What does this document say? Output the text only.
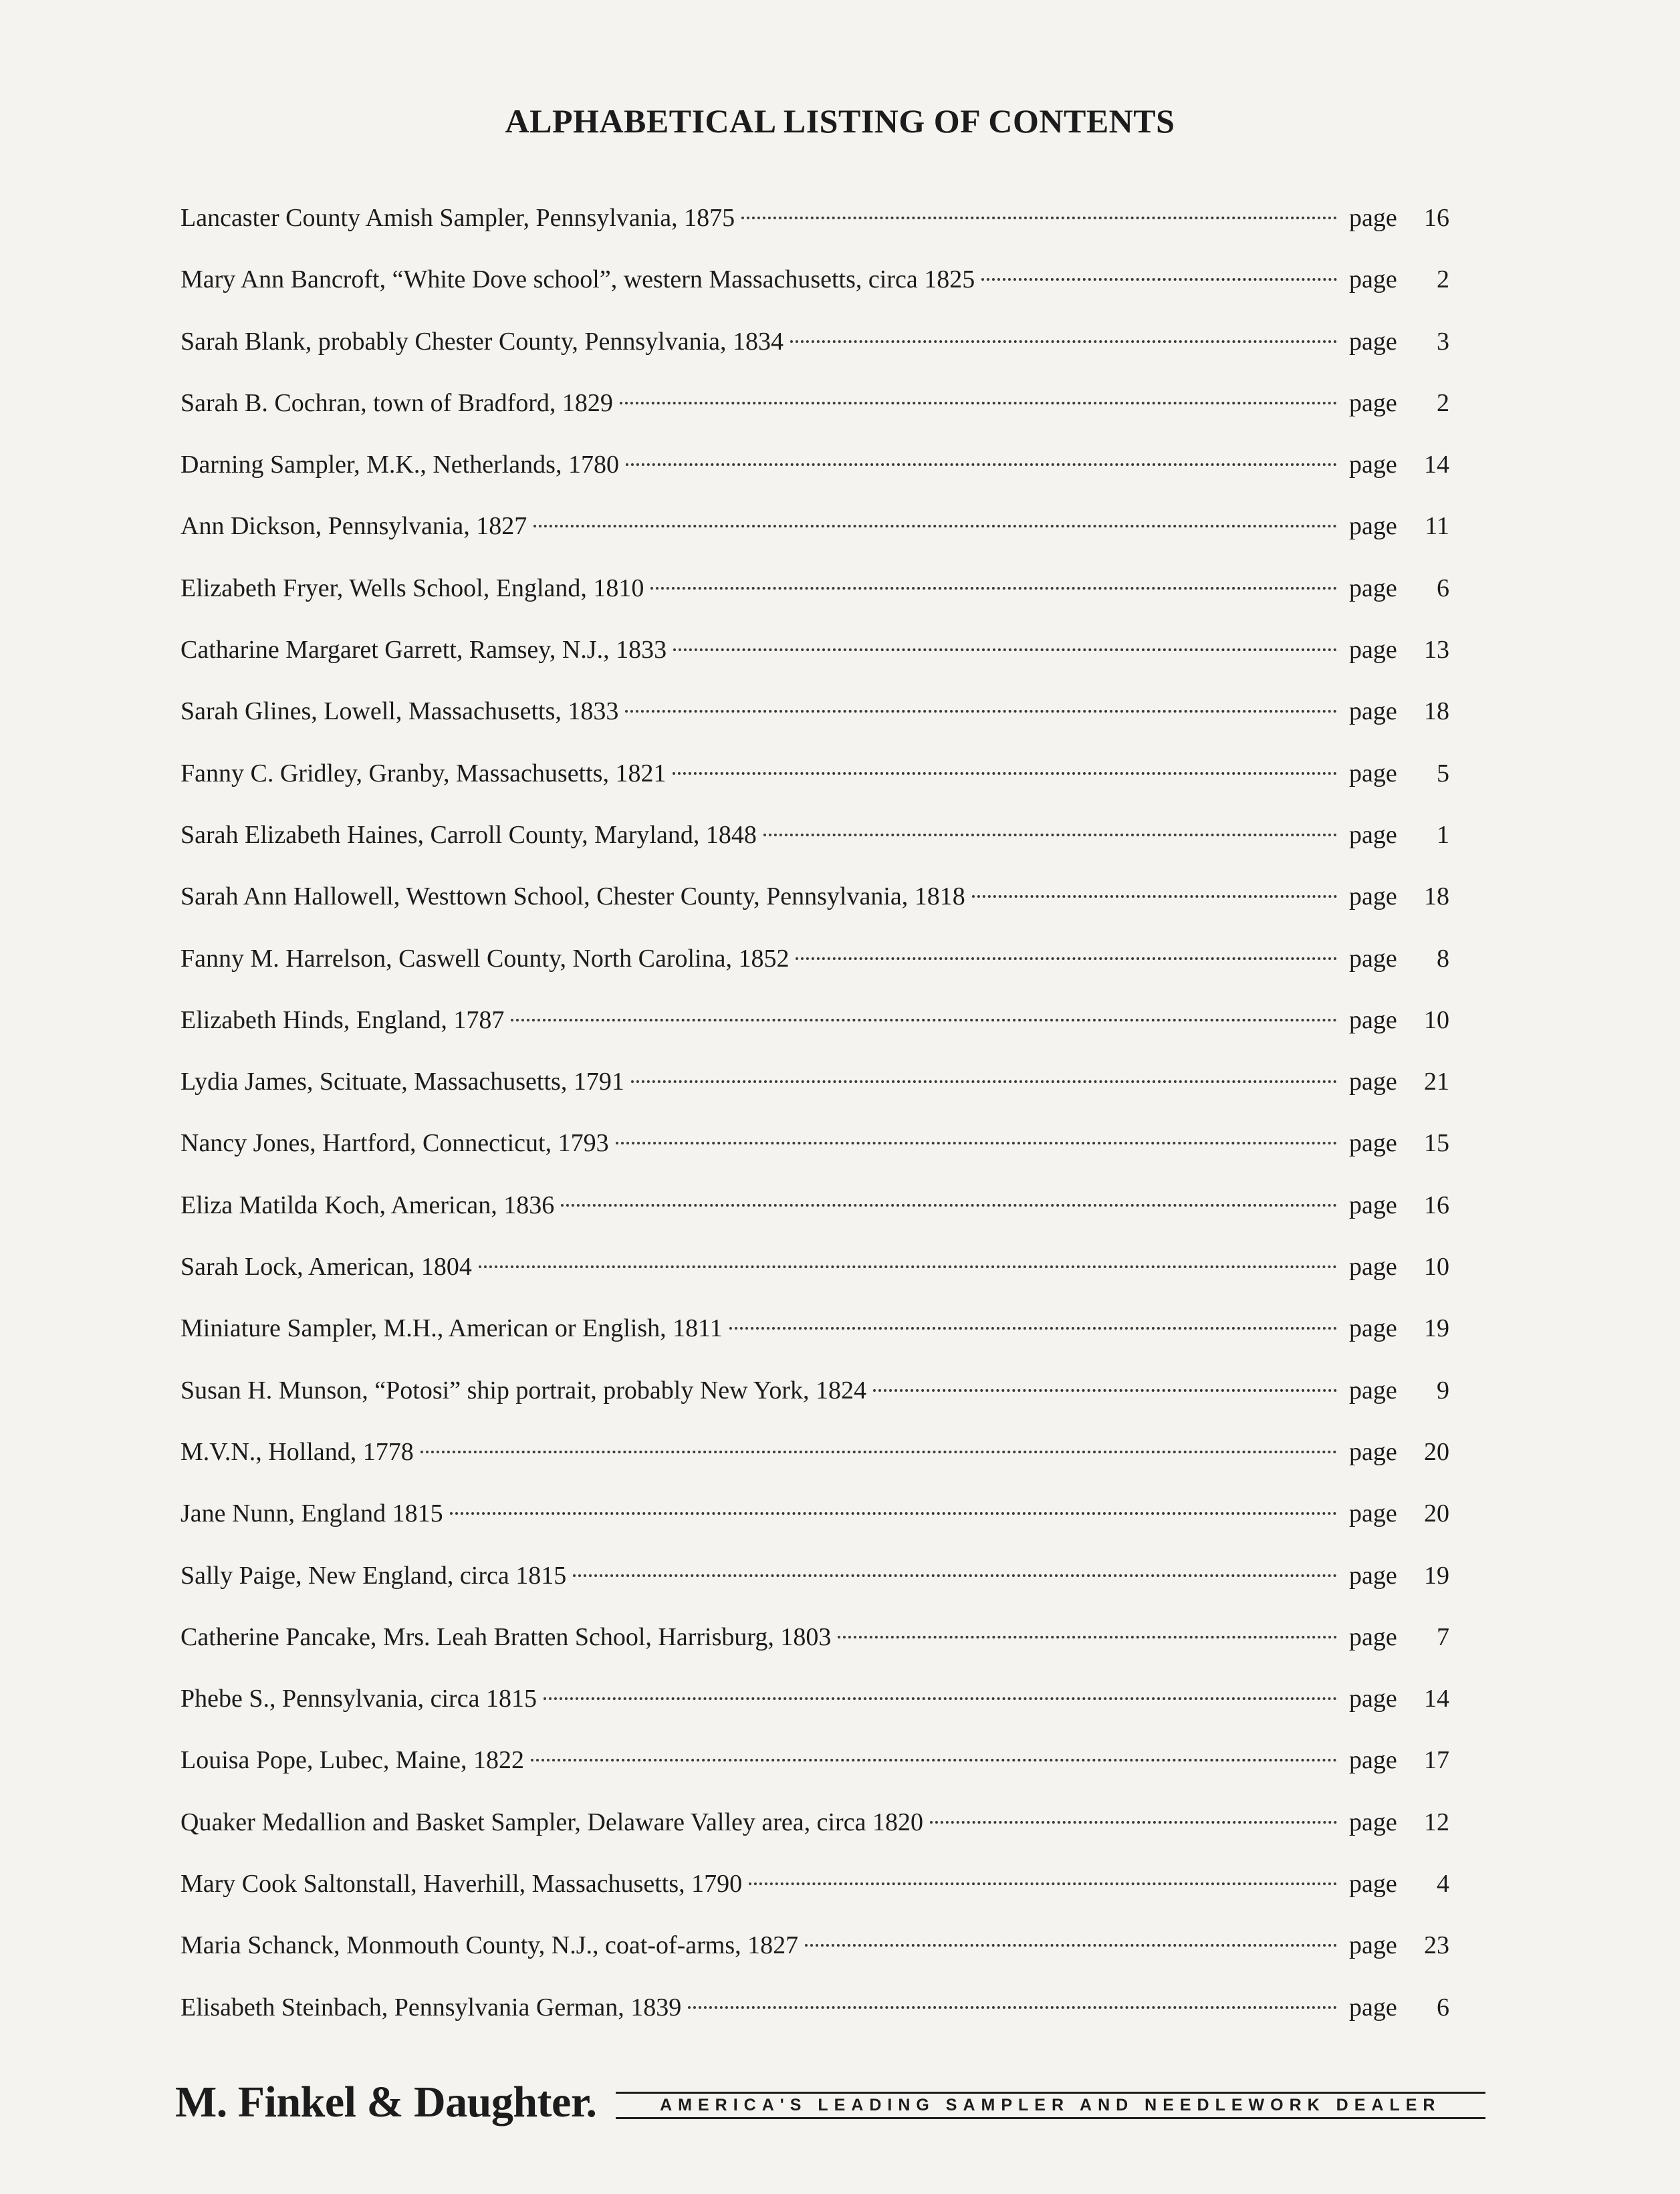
ALPHABETICAL LISTING OF CONTENTS
Lancaster County Amish Sampler, Pennsylvania, 1875	page	16
Mary Ann Bancroft, “White Dove school”, western Massachusetts, circa 1825	page	2
Sarah Blank, probably Chester County, Pennsylvania, 1834	page	3
Sarah B. Cochran, town of Bradford, 1829	page	2
Darning Sampler, M.K., Netherlands, 1780	page	14
Ann Dickson, Pennsylvania, 1827	page	11
Elizabeth Fryer, Wells School, England, 1810	page	6
Catharine Margaret Garrett, Ramsey, N.J., 1833	page	13
Sarah Glines, Lowell, Massachusetts, 1833	page	18
Fanny C. Gridley, Granby, Massachusetts, 1821	page	5
Sarah Elizabeth Haines, Carroll County, Maryland, 1848	page	1
Sarah Ann Hallowell, Westtown School, Chester County, Pennsylvania, 1818	page	18
Fanny M. Harrelson, Caswell County, North Carolina, 1852	page	8
Elizabeth Hinds, England, 1787	page	10
Lydia James, Scituate, Massachusetts, 1791	page	21
Nancy Jones, Hartford, Connecticut, 1793	page	15
Eliza Matilda Koch, American, 1836	page	16
Sarah Lock, American, 1804	page	10
Miniature Sampler, M.H., American or English, 1811	page	19
Susan H. Munson, “Potosi” ship portrait, probably New York, 1824	page	9
M.V.N., Holland, 1778	page	20
Jane Nunn, England 1815	page	20
Sally Paige, New England, circa 1815	page	19
Catherine Pancake, Mrs. Leah Bratten School, Harrisburg, 1803	page	7
Phebe S., Pennsylvania, circa 1815	page	14
Louisa Pope, Lubec, Maine, 1822	page	17
Quaker Medallion and Basket Sampler, Delaware Valley area, circa 1820	page	12
Mary Cook Saltonstall, Haverhill, Massachusetts, 1790	page	4
Maria Schanck, Monmouth County, N.J., coat-of-arms, 1827	page	23
Elisabeth Steinbach, Pennsylvania German, 1839	page	6
M. Finkel & Daughter.	AMERICA'S LEADING SAMPLER AND NEEDLEWORK DEALER
